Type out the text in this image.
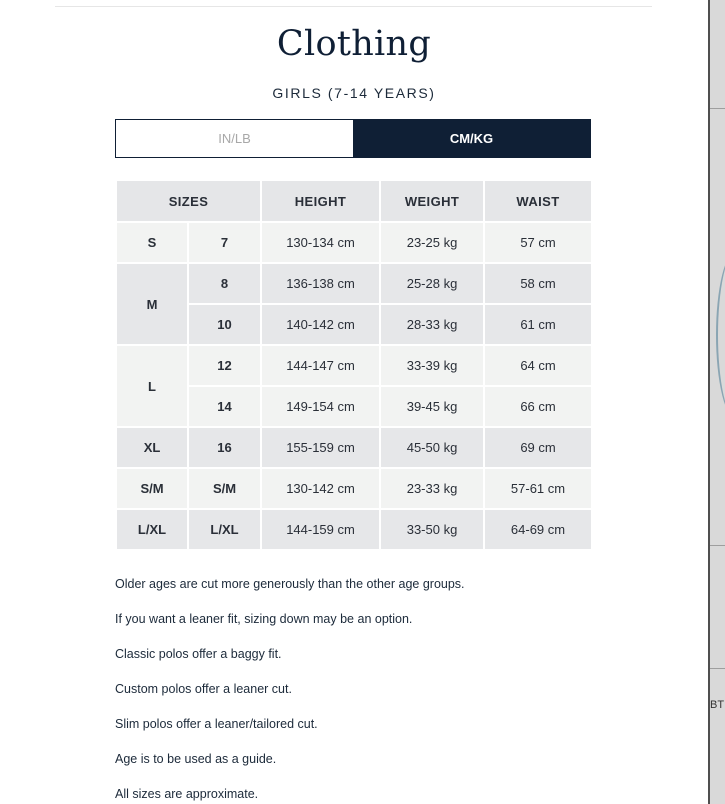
Clothing
GIRLS (7-14 YEARS)
IN/LB	CM/KG
SIZES		HEIGHT	WEIGHT	WAIST
S	7	130-134 cm	23-25 kg	57 cm
M	8	136-138 cm	25-28 kg	58 cm
	10	140-142 cm	28-33 kg	61 cm
L	12	144-147 cm	33-39 kg	64 cm
	14	149-154 cm	39-45 kg	66 cm
XL	16	155-159 cm	45-50 kg	69 cm
S/M	S/M	130-142 cm	23-33 kg	57-61 cm
L/XL	L/XL	144-159 cm	33-50 kg	64-69 cm

Older ages are cut more generously than the other age groups.

If you want a leaner fit, sizing down may be an option.

Classic polos offer a baggy fit.

Custom polos offer a leaner cut.

Slim polos offer a leaner/tailored cut.

Age is to be used as a guide.

All sizes are approximate.

BT
